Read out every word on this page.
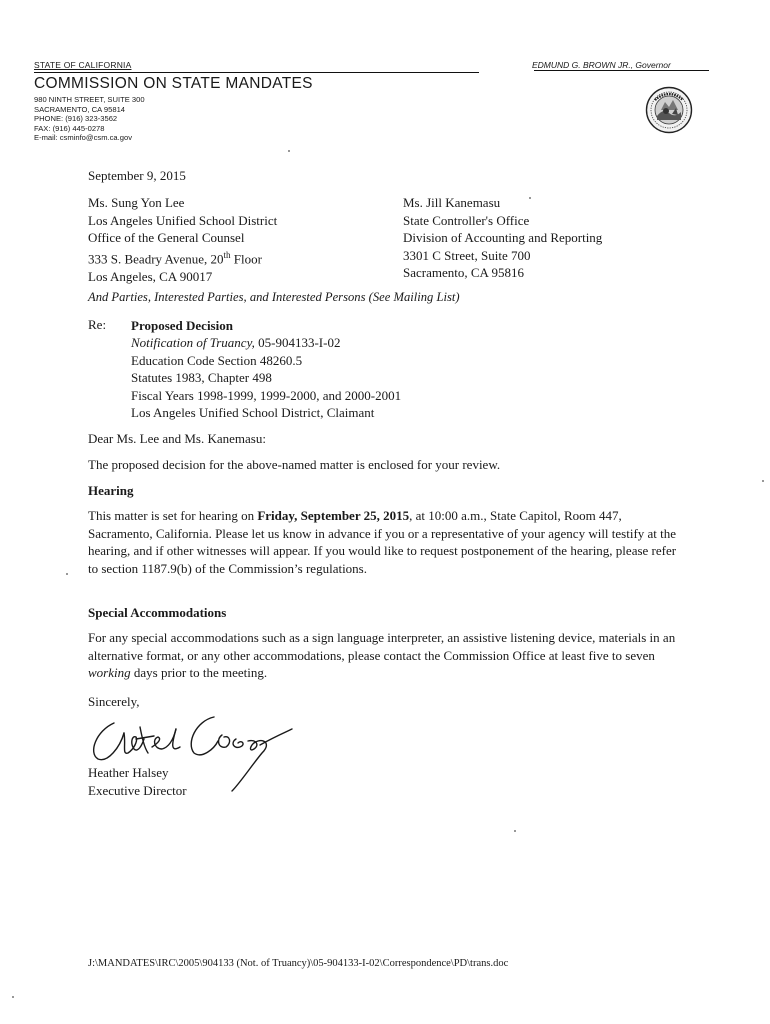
STATE OF CALIFORNIA	EDMUND G. BROWN JR., Governor
COMMISSION ON STATE MANDATES
980 NINTH STREET, SUITE 300
SACRAMENTO, CA 95814
PHONE: (916) 323-3562
FAX: (916) 445-0278
E-mail: csminfo@csm.ca.gov
September 9, 2015
Ms. Sung Yon Lee
Los Angeles Unified School District
Office of the General Counsel
333 S. Beadry Avenue, 20th Floor
Los Angeles, CA 90017
Ms. Jill Kanemasu
State Controller's Office
Division of Accounting and Reporting
3301 C Street, Suite 700
Sacramento, CA 95816
And Parties, Interested Parties, and Interested Persons (See Mailing List)
Re: Proposed Decision
Notification of Truancy, 05-904133-I-02
Education Code Section 48260.5
Statutes 1983, Chapter 498
Fiscal Years 1998-1999, 1999-2000, and 2000-2001
Los Angeles Unified School District, Claimant
Dear Ms. Lee and Ms. Kanemasu:
The proposed decision for the above-named matter is enclosed for your review.
Hearing
This matter is set for hearing on Friday, September 25, 2015, at 10:00 a.m., State Capitol, Room 447, Sacramento, California. Please let us know in advance if you or a representative of your agency will testify at the hearing, and if other witnesses will appear. If you would like to request postponement of the hearing, please refer to section 1187.9(b) of the Commission’s regulations.
Special Accommodations
For any special accommodations such as a sign language interpreter, an assistive listening device, materials in an alternative format, or any other accommodations, please contact the Commission Office at least five to seven working days prior to the meeting.
Sincerely,
Heather Halsey
Executive Director
J:\MANDATES\IRC\2005\904133 (Not. of Truancy)\05-904133-I-02\Correspondence\PD\trans.doc
